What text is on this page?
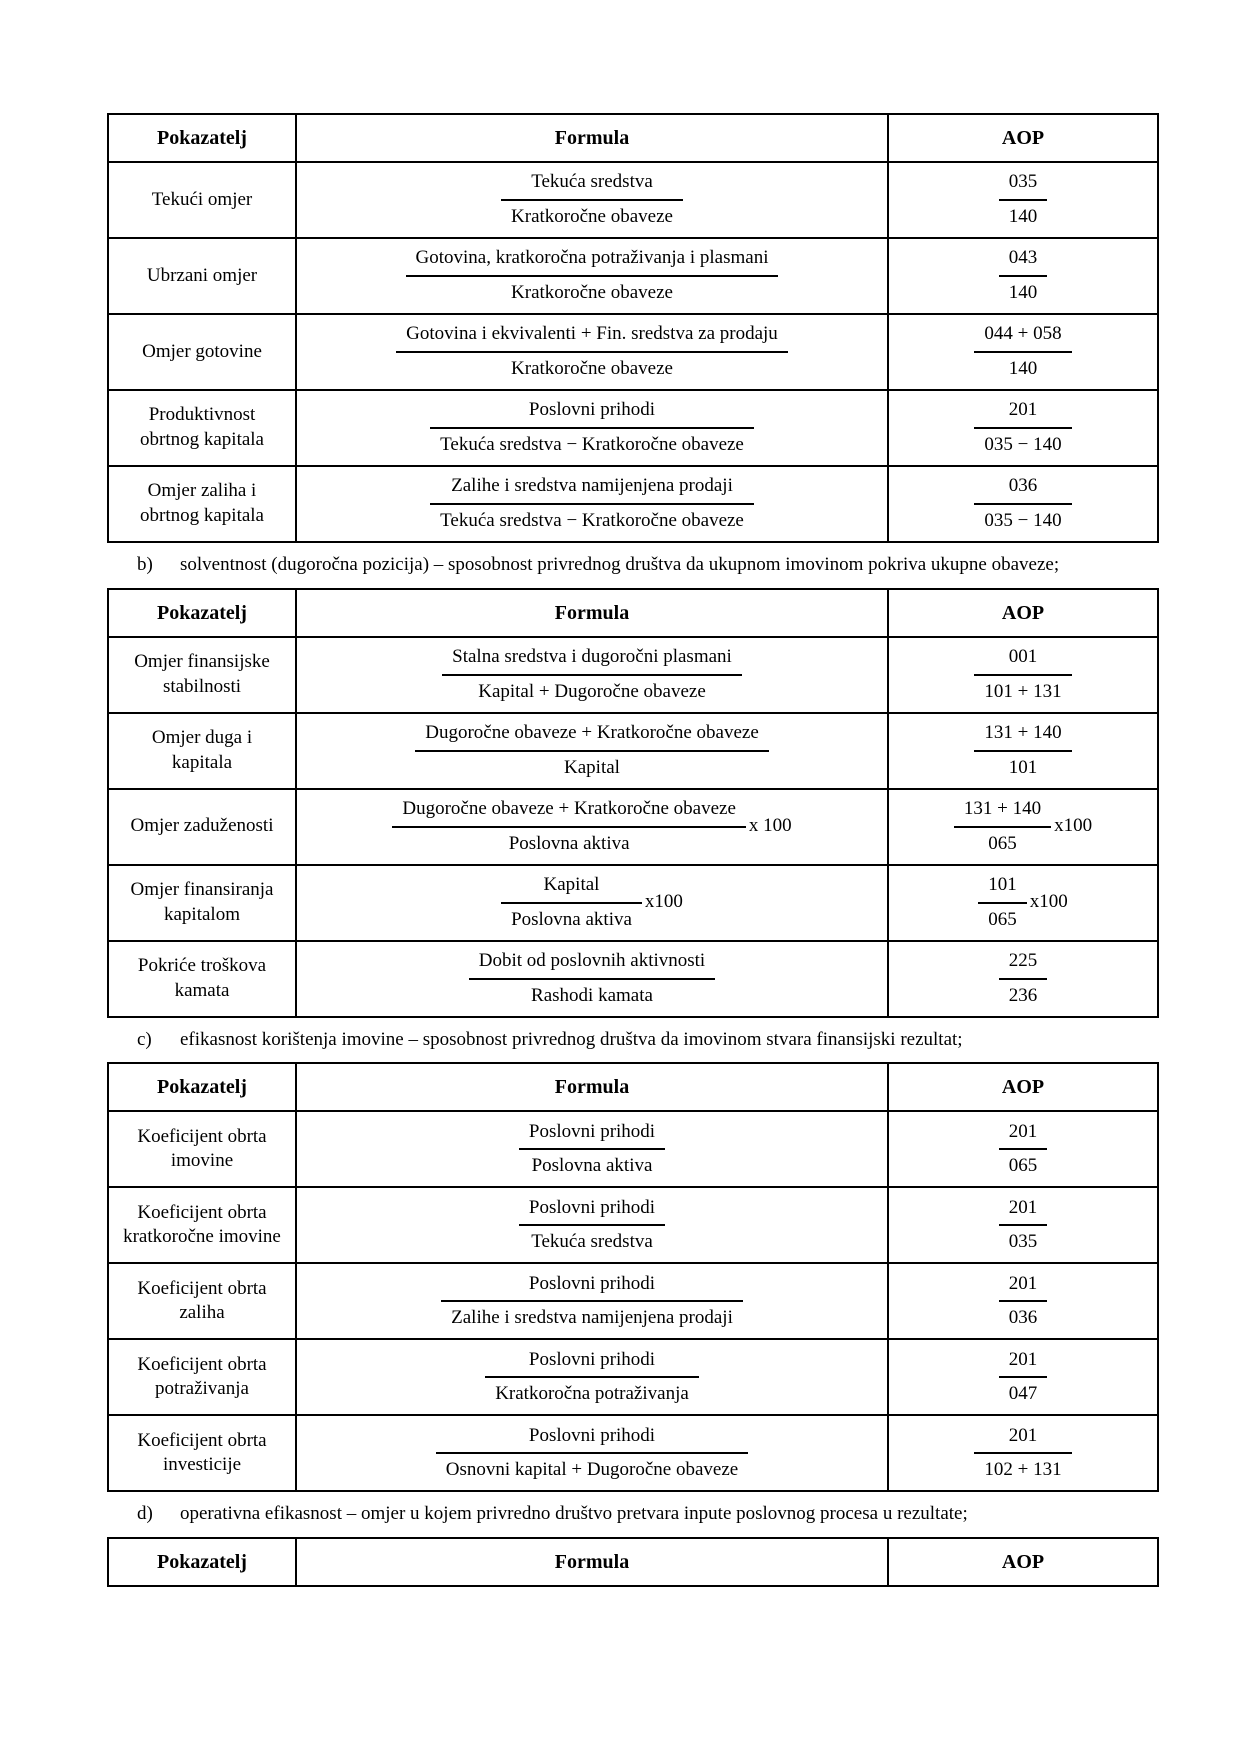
Pokazatelj	Formula	AOP
Tekući omjer	$\frac{\text{Tekuća sredstva}}{\text{Kratkoročne obaveze}}$	$\frac{035}{140}$

Ubrzani omjer	$\frac{\text{Gotovina, kratkoročna potraživanja i plasmani}}{\text{Kratkoročne obaveze}}$	$\frac{043}{140}$

Omjer gotovine	$\frac{\text{Gotovina i ekvivalenti + Fin. sredstva za prodaju}}{\text{Kratkoročne obaveze}}$	$\frac{044 + 058}{140}$

Produktivnost obrtnog kapitala	$\frac{\text{Poslovni prihodi}}{\text{Tekuća sredstva − Kratkoročne obaveze}}$	$\frac{201}{035 - 140}$

Omjer zaliha i obrtnog kapitala	$\frac{\text{Zalihe i sredstva namijenjena prodaji}}{\text{Tekuća sredstva − Kratkoročne obaveze}}$	$\frac{036}{035 - 140}$
b)	solventnost (dugoročna pozicija) – sposobnost privrednog društva da ukupnom imovinom pokriva ukupne obaveze;
Pokazatelj	Formula	AOP
Omjer finansijske stabilnosti	$\frac{\text{Stalna sredstva i dugoročni plasmani}}{\text{Kapital + Dugoročne obaveze}}$	$\frac{001}{101 + 131}$

Omjer duga i kapitala	$\frac{\text{Dugoročne obaveze + Kratkoročne obaveze}}{\text{Kapital}}$	$\frac{131 + 140}{101}$

Omjer zaduženosti	$\frac{\text{Dugoročne obaveze + Kratkoročne obaveze}}{\text{Poslovna aktiva}}$ x 100	$\frac{131 + 140}{065} x100$

Omjer finansiranja kapitalom	$\frac{\text{Kapital}}{\text{Poslovna aktiva}} x100$	$\frac{101}{065} x100$

Pokriće troškova kamata	$\frac{\text{Dobit od poslovnih aktivnosti}}{\text{Rashodi kamata}}$	$\frac{225}{236}$
c)	efikasnost korištenja imovine – sposobnost privrednog društva da imovinom stvara finansijski rezultat;
Pokazatelj	Formula	AOP
Koeficijent obrta imovine	$\frac{\text{Poslovni prihodi}}{\text{Poslovna aktiva}}$	$\frac{201}{065}$

Koeficijent obrta kratkoročne imovine	$\frac{\text{Poslovni prihodi}}{\text{Tekuća sredstva}}$	$\frac{201}{035}$

Koeficijent obrta zaliha	$\frac{\text{Poslovni prihodi}}{\text{Zalihe i sredstva namijenjena prodaji}}$	$\frac{201}{036}$

Koeficijent obrta potraživanja	$\frac{\text{Poslovni prihodi}}{\text{Kratkoročna potraživanja}}$	$\frac{201}{047}$

Koeficijent obrta investicije	$\frac{\text{Poslovni prihodi}}{\text{Osnovni kapital + Dugoročne obaveze}}$	$\frac{201}{102 + 131}$
d)	operativna efikasnost – omjer u kojem privredno društvo pretvara inpute poslovnog procesa u rezultate;
Pokazatelj	Formula	AOP
